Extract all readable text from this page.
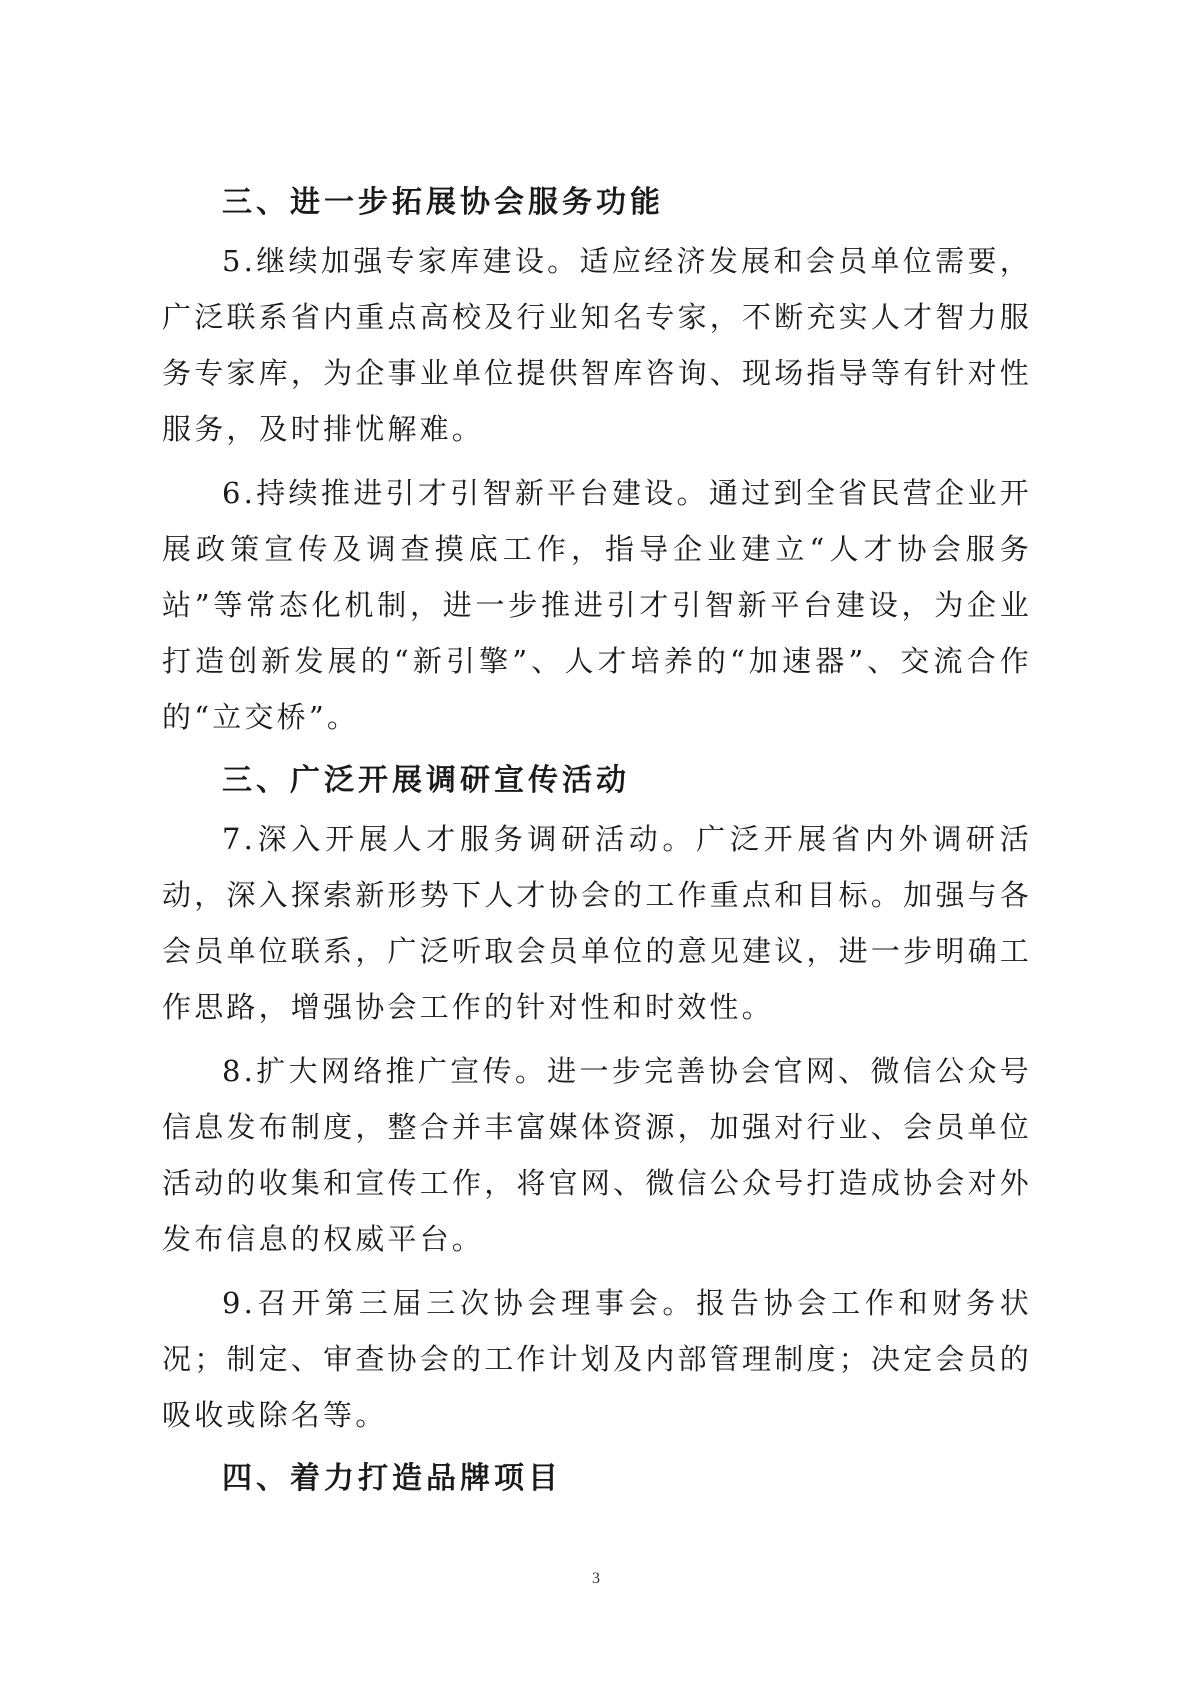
三、进一步拓展协会服务功能

5.继续加强专家库建设。适应经济发展和会员单位需要，广泛联系省内重点高校及行业知名专家，不断充实人才智力服务专家库，为企事业单位提供智库咨询、现场指导等有针对性服务，及时排忧解难。

6.持续推进引才引智新平台建设。通过到全省民营企业开展政策宣传及调查摸底工作，指导企业建立“人才协会服务站”等常态化机制，进一步推进引才引智新平台建设，为企业打造创新发展的“新引擎”、人才培养的“加速器”、交流合作的“立交桥”。

三、广泛开展调研宣传活动

7.深入开展人才服务调研活动。广泛开展省内外调研活动，深入探索新形势下人才协会的工作重点和目标。加强与各会员单位联系，广泛听取会员单位的意见建议，进一步明确工作思路，增强协会工作的针对性和时效性。

8.扩大网络推广宣传。进一步完善协会官网、微信公众号信息发布制度，整合并丰富媒体资源，加强对行业、会员单位活动的收集和宣传工作，将官网、微信公众号打造成协会对外发布信息的权威平台。

9.召开第三届三次协会理事会。报告协会工作和财务状况；制定、审查协会的工作计划及内部管理制度；决定会员的吸收或除名等。

四、着力打造品牌项目

3
